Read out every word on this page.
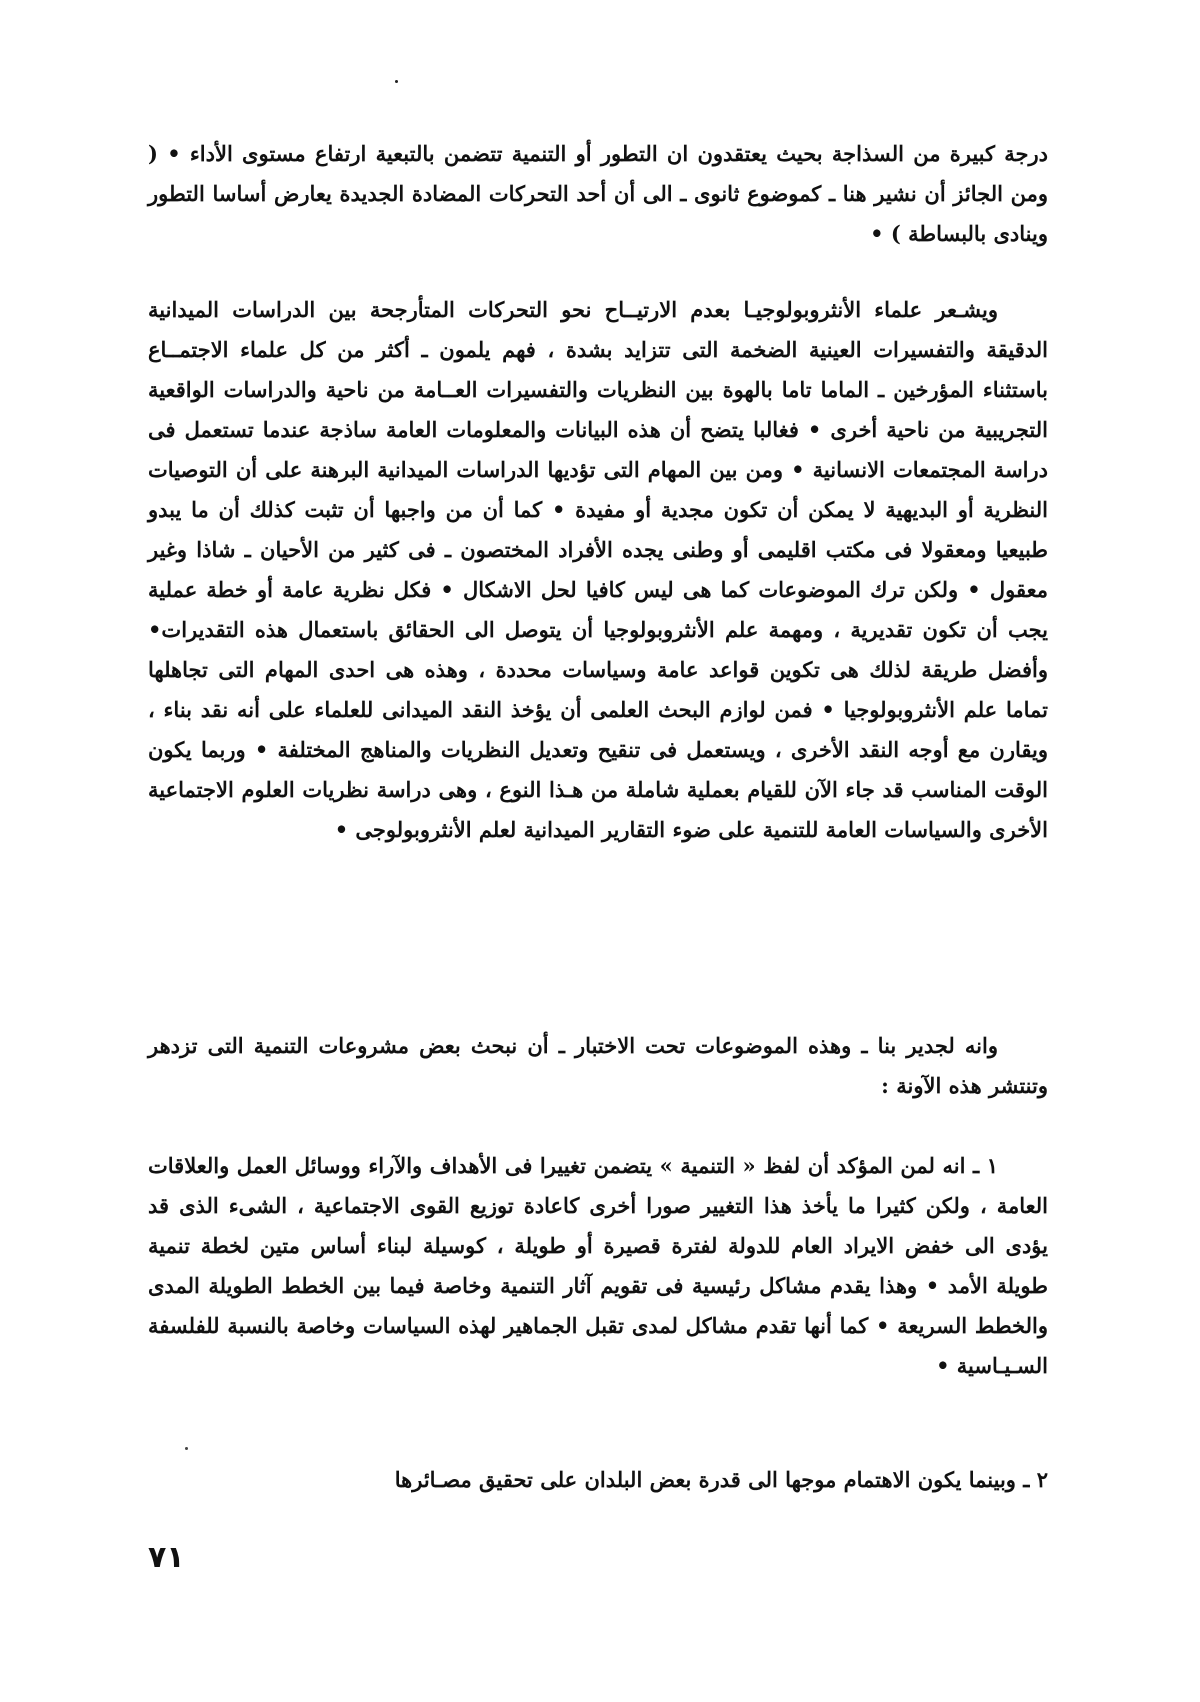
درجة كبيرة من السذاجة بحيث يعتقدون ان التطور أو التنمية تتضمن بالتبعية ارتفاع مستوى الأداء • ( ومن الجائز أن نشير هنا ـ كموضوع ثانوى ـ الى أن أحد التحركات المضادة الجديدة يعارض أساسا التطور وينادى بالبساطة ) •

ويشـعر علماء الأنثروبولوجيـا بعدم الارتيــاح نحو التحركات المتأرجحة بين الدراسات الميدانية الدقيقة والتفسيرات العينية الضخمة التى تتزايد بشدة ، فهم يلمون ـ أكثر من كل علماء الاجتمــاع باستثناء المؤرخين ـ الماما تاما بالهوة بين النظريات والتفسيرات العــامة من ناحية والدراسات الواقعية التجريبية من ناحية أخرى • فغالبا يتضح أن هذه البيانات والمعلومات العامة ساذجة عندما تستعمل فى دراسة المجتمعات الانسانية • ومن بين المهام التى تؤديها الدراسات الميدانية البرهنة على أن التوصيات النظرية أو البديهية لا يمكن أن تكون مجدية أو مفيدة • كما أن من واجبها أن تثبت كذلك أن ما يبدو طبيعيا ومعقولا فى مكتب اقليمى أو وطنى يجده الأفراد المختصون ـ فى كثير من الأحيان ـ شاذا وغير معقول • ولكن ترك الموضوعات كما هى ليس كافيا لحل الاشكال • فكل نظرية عامة أو خطة عملية يجب أن تكون تقديرية ، ومهمة علم الأنثروبولوجيا أن يتوصل الى الحقائق باستعمال هذه التقديرات• وأفضل طريقة لذلك هى تكوين قواعد عامة وسياسات محددة ، وهذه هى احدى المهام التى تجاهلها تماما علم الأنثروبولوجيا • فمن لوازم البحث العلمى أن يؤخذ النقد الميدانى للعلماء على أنه نقد بناء ، ويقارن مع أوجه النقد الأخرى ، ويستعمل فى تنقيح وتعديل النظريات والمناهج المختلفة • وربما يكون الوقت المناسب قد جاء الآن للقيام بعملية شاملة من هـذا النوع ، وهى دراسة نظريات العلوم الاجتماعية الأخرى والسياسات العامة للتنمية على ضوء التقارير الميدانية لعلم الأنثروبولوجى •

وانه لجدير بنا ـ وهذه الموضوعات تحت الاختبار ـ أن نبحث بعض مشروعات التنمية التى تزدهر وتنتشر هذه الآونة :

١ ـ انه لمن المؤكد أن لفظ « التنمية » يتضمن تغييرا فى الأهداف والآراء ووسائل العمل والعلاقات العامة ، ولكن كثيرا ما يأخذ هذا التغيير صورا أخرى كاعادة توزيع القوى الاجتماعية ، الشىء الذى قد يؤدى الى خفض الايراد العام للدولة لفترة قصيرة أو طويلة ، كوسيلة لبناء أساس متين لخطة تنمية طويلة الأمد • وهذا يقدم مشاكل رئيسية فى تقويم آثار التنمية وخاصة فيما بين الخطط الطويلة المدى والخطط السريعة • كما أنها تقدم مشاكل لمدى تقبل الجماهير لهذه السياسات وخاصة بالنسبة للفلسفة السـيـاسية •

٢ ـ وبينما يكون الاهتمام موجها الى قدرة بعض البلدان على تحقيق مصـائرها

٧١
